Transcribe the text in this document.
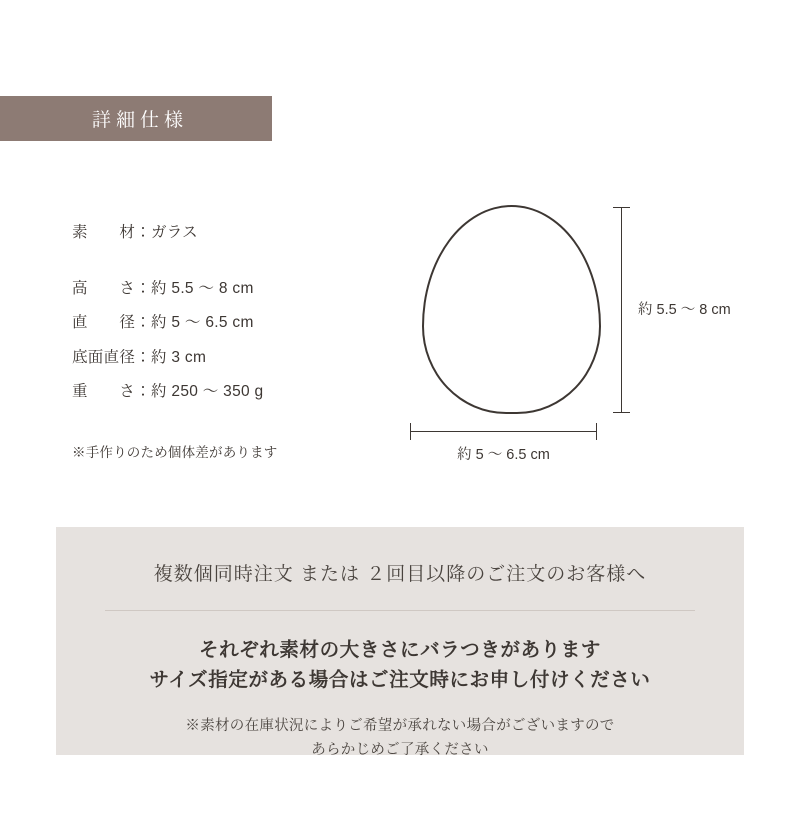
詳細仕様
素　　材：ガラス
高　　さ：約 5.5 〜 8 cm
直　　径：約 5 〜 6.5 cm
底面直径：約 3 cm
重　　さ：約 250 〜 350 g
※手作りのため個体差があります
約 5.5 〜 8 cm
約 5 〜 6.5 cm
複数個同時注文 または ２回目以降のご注文のお客様へ
それぞれ素材の大きさにバラつきがあります
サイズ指定がある場合はご注文時にお申し付けください
※素材の在庫状況によりご希望が承れない場合がございますので
あらかじめご了承ください
